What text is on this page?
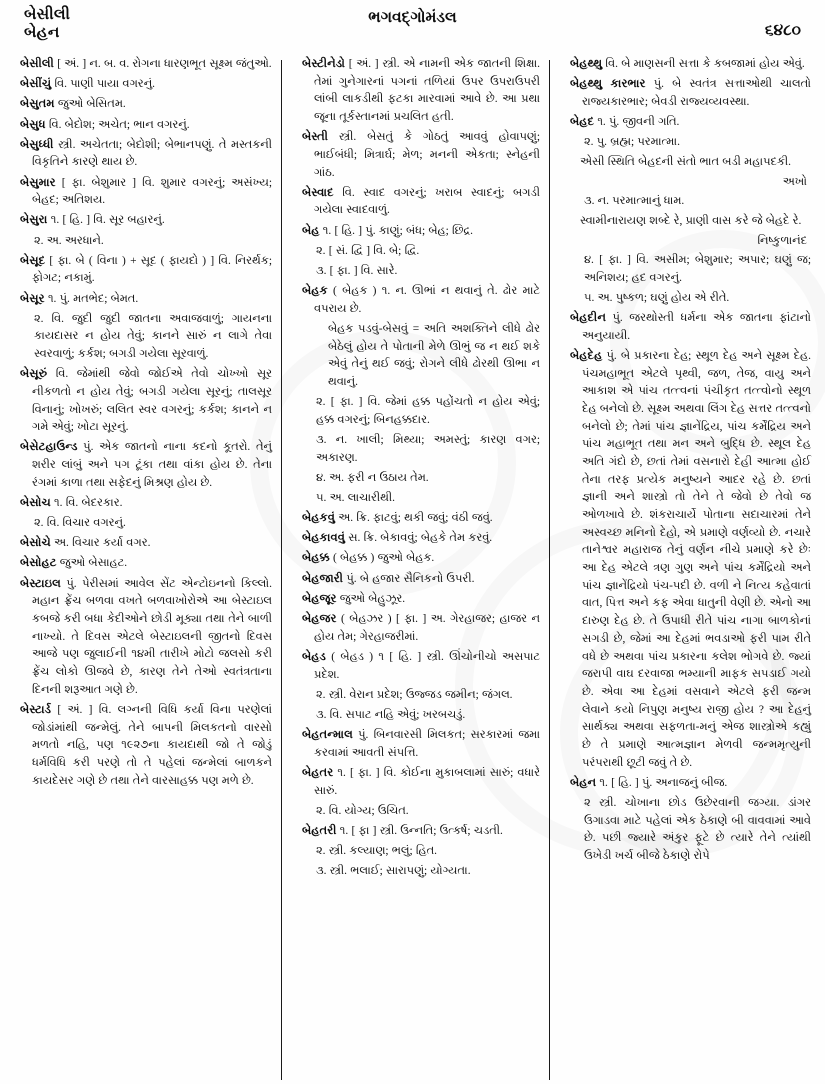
બેસીલી
બેહન
ભગવદ્ગોમંડલ
૬૪૮૦

બેસીલી [ અં. ] ન. બ. વ. રોગના ધારણભૂત સૂક્ષ્મ જંતુઓ.

બેસીંચું વિ. પાણી પાયા વગરનું.

બેસુતમ જુઓ બેસિતમ.

બેસુધ વિ. બેદોશ; અચેત; ભાન વગરનું.

બેસુધ્ધી સ્ત્રી. અચેતતા; બેદોશી; બેભાનપણું. તે મસ્તકની વિકૃતિને કારણે થાય છે.

બેસુમાર [ ફા. બેશુમાર ] વિ. શુમાર વગરનું; અસંખ્ય; બેહદ; અતિશય.

બેસુરા ૧. [ હિ. ] વિ. સૂર બહારનું.

૨. અ. અરધાને.

બેસૂદ [ ફા. બે ( વિના ) + સૂદ ( ફાયદો ) ] વિ. નિરર્થક; ફોગટ; નકામું.

બેસૂર ૧. પું. મતભેદ; બેમત.

૨. વિ. જુદી જુદી જાતના અવાજવાળું; ગાયનના કાયદાસર ન હોય તેવું; કાનને સારું ન લાગે તેવા સ્વરવાળું; કર્કશ; બગડી ગયેલા સૂરવાળું.

બેસૂરું વિ. જેમાંથી જેવો જોઈએ તેવો ચોખ્ખો સૂર નીકળતો ન હોય તેવું; બગડી ગયેલા સૂરનું; તાલસૂર વિનાનું; ખોખરું; લલિત સ્વર વગરનું; કર્કશ; કાનને ન ગમે એવું; ખોટા સૂરનું.

બેસેટહાઉન્ડ પું. એક જાતનો નાના કદનો કૂતરો. તેનું શરીર લાંબું અને પગ ટૂંકા તથા વાંકા હોય છે. તેના રંગમાં કાળા તથા સફેદનું મિશ્રણ હોય છે.

બેસોચ ૧. વિ. બેદરકાર.

૨. વિ. વિચાર વગરનું.

બેસોચે અ. વિચાર કર્યા વગર.

બેસોહટ જુઓ બેસાહટ.

બેસ્ટાઇલ પું. પેરીસમાં આવેલ સેંટ એન્ટોઇનનો કિલ્લો. મહાન ફ્રેંચ બળવા વખતે બળવાખોરોએ આ બેસ્ટાઇલ કબજે કરી બધા કેદીઓને છોડી મૂક્યા તથા તેને બાળી નાખ્યો. તે દિવસ એટલે બેસ્ટાઇલની જીતનો દિવસ આજે પણ જુલાઈની ૧૪મી તારીખે મોટો જલસો કરી ફ્રેંચ લોકો ઊજવે છે, કારણ તેને તેઓ સ્વતંત્રતાના દિનની શરૂઆત ગણે છે.

બેસ્ટાર્ડ [ અં. ] વિ. લગ્નની વિધિ કર્યા વિના પરણેલાં જોડાંમાંથી જન્મેલું. તેને બાપની મિલકતનો વારસો મળતો નહિ, પણ ૧૯૨૭ના કાયદાથી જો તે જોડું ધર્મવિધિ કરી પરણે તો તે પહેલાં જન્મેલાં બાળકને કાયદેસર ગણે છે તથા તેને વારસાહક્ક પણ મળે છે.

બેસ્ટીનેડો [ અં. ] સ્ત્રી. એ નામની એક જાતની શિક્ષા. તેમાં ગુનેગારનાં પગનાં તળિયાં ઉપર ઉપરાઉપરી લાંબી લાકડીથી ફટકા મારવામાં આવે છે. આ પ્રથા જૂના તૂર્કસ્તાનમાં પ્રચલિત હતી.

બેસ્તી સ્ત્રી. બેસતું કે ગોઠતું આવવું હોવાપણું; ભાઈબંધી; મિત્રાર્ઘ; મેળ; મનની એકતા; સ્નેહની ગાંઠ.

બેસ્વાદ વિ. સ્વાદ વગરનું; ખરાબ સ્વાદનું; બગડી ગયેલા સ્વાદવાળું.

બેહ ૧. [ હિ. ] પું. કાણું; બંધ; બેહ; છિદ્ર.

૨. [ સં. દ્વિ ] વિ. બે; દ્વિ.

૩. [ ફા. ] વિ. સારે.

બેહક ( બેહક ) ૧. ન. ઊભાં ન થવાનું તે. ઢોર માટે વપરાય છે.

બેહક પડવું-બેસવું = અતિ અશક્તિને લીધે ઢોર બેઠેલું હોય તે પોતાની મેળે ઊભું જ ન થઈ શકે એવું તેનું થઈ જવું; રોગને લીધે ઢોરથી ઊભા ન થવાનું.

૨. [ ફા. ] વિ. જેમાં હક્ક પહોંચતો ન હોય એવું; હક્ક વગરનું; બિનહક્કદાર.

૩. ન. ખાલી; મિથ્યા; અમસ્તું; કારણ વગર; અકારણ.

૪. અ. ફરી ન ઉઠાય તેમ.

૫. અ. લાચારીથી.

બેહકવું અ. ક્રિ. ફાટવું; થકી જવું; વંઠી જવું.

બેહકાવવું સ. ક્રિ. બેકાવવું; બેહકે તેમ કરવું.

બેહક્ક ( બેહક્ક ) જુઓ બેહક.

બેહજારી પું. બે હજાર સૈનિકનો ઉપરી.

બેહજૂર જુઓ બેહુઝૂર.

બેહજર ( બેહઝર ) [ ફા. ] અ. ગેરહાજર; હાજર ન હોય તેમ; ગેરહાજરીમાં.

બેહડ ( બેહડ ) ૧ [ હિ. ] સ્ત્રી. ઊંચોનીચો અસપાટ પ્રદેશ.

૨. સ્ત્રી. વેરાન પ્રદેશ; ઉજ્જડ જમીન; જંગલ.

૩. વિ. સપાટ નહિ એવું; ખરબચડું.

બેહતન્માલ પું. બિનવારસી મિલકત; સરકારમાં જમા કરવામાં આવતી સંપત્તિ.

બેહતર ૧. [ ફા. ] વિ. કોઈના મુકાબલામાં સારું; વધારે સારું.

૨. વિ. યોગ્ય; ઉચિત.

બેહતરી ૧. [ ફા ] સ્ત્રી. ઉન્નતિ; ઉત્કર્ષ; ચડતી.

૨. સ્ત્રી. કલ્યાણ; ભલું; હિત.

૩. સ્ત્રી. ભલાઈ; સારાપણું; યોગ્યતા.

બેહથ્થુ વિ. બે માણસની સત્તા કે કબજામાં હોય એવું.

બેહથ્થુ કારભાર પું. બે સ્વતંત્ર સત્તાઓથી ચાલતો રાજ્યકારભાર; બેવડી રાજ્યવ્યવસ્થા.

બેહદ ૧. પું. જીવની ગતિ.

૨. પુ. બ્રહ્મ; પરમાત્મા.

એસી સ્થિતિ બેહદની સંતો ભાત બડી મહાપદકી.

અખો

૩. ન. પરમાત્માનું ધામ.

સ્વામીનારાયણ શબ્દે રે, પ્રાણી વાસ કરે જે બેહદે રે.

નિષ્કુળાનંદ

૪. [ ફા. ] વિ. અસીમ; બેશુમાર; અપાર; ઘણું જ; અનિશય; હદ વગરનું.

૫. અ. પુષ્કળ; ઘણું હોય એ રીતે.

બેહદીન પું. જરથોસ્તી ધર્મના એક જાતના ફાંટાનો અનુયાયી.

બેહદેહ પું. બે પ્રકારના દેહ; સ્થૂળ દેહ અને સૂક્ષ્મ દેહ. પંચમહાભૂત એટલે પૃથ્વી, જળ, તેજ, વાયુ અને આકાશ એ પાંચ તત્ત્વનાં પંચીકૃત તત્ત્વોનો સ્થૂળ દેહ બનેલો છે. સૂક્ષ્મ અથવા લિંગ દેહ સત્તર તત્ત્વનો બનેલો છે; તેમાં પાંચ જ્ઞાનેંદ્રિય, પાંચ કર્મેંદ્રિય અને પાંચ મહાભૂત તથા મન અને બુદ્ધિ છે. સ્થૂલ દેહ અતિ ગંદો છે, છતાં તેમાં વસનારો દેહી આત્મા હોઈ તેના તરફ પ્રત્યેક મનુષ્યને આદર રહે છે. છતાં જ્ઞાની અને શાસ્ત્રો તો તેને તે જેવો છે તેવો જ ઓળખાવે છે. શંકરાચાર્યે પોતાના સદાચારમાં તેને અસ્વચ્છ મનિનો દેહો, એ પ્રમાણે વર્ણવ્યો છે. નચારે તાનેશ્વર મહારાજ તેનું વર્ણન નીચે પ્રમાણે કરે છેઃ આ દેહ એટલે ત્રણ ગુણ અને પાંચ કર્મેંદ્રિયો અને પાંચ જ્ઞાનેંદ્રિયો પંચ-પદી છે. વળી ને નિત્ય કહેવાતાં વાત, પિત્ત અને કફ એવા ધાતુની વેણી છે. એનો આ દારુણ દેહ છે. તે ઉપાધી રીતે પાંચ નાગા બાળકોનાં સગડી છે, જેમાં આ દેહમાં ભવડાઓ ફરી પામ રીતે વધે છે અથવા પાંચ પ્રકારના કલેશ ભોગવે છે. જ્યાં જરાપી વાઘ દરવાજા ભમ્યાની માફક સપડાઈ ગયો છે. એવા આ દેહમાં વસવાને એટલે ફરી જન્મ લેવાને કયો નિપુણ મનુષ્ય રાજી હોય ? આ દેહનું સાર્થક્ય અથવા સફળતા-મનું એજ શાસ્ત્રોએ કહ્યું છે તે પ્રમાણે આત્મજ્ઞાન મેળવી જન્મમૃત્યુની પરંપરાથી છૂટી જવું તે છે.

બેહન ૧. [ હિ. ] પું. અનાજનું બીજ.

૨ સ્ત્રી. ચોખાના છોડ ઉછેરવાની જગ્યા. ડાંગર ઉગાડવા માટે પહેલાં એક ઠેકાણે બી વાવવામાં આવે છે. પછી જ્યારે અંકુર ફૂટે છે ત્યારે તેને ત્યાંથી ઉખેડી ખર્ચ બીજે ઠેકાણે રોપે
